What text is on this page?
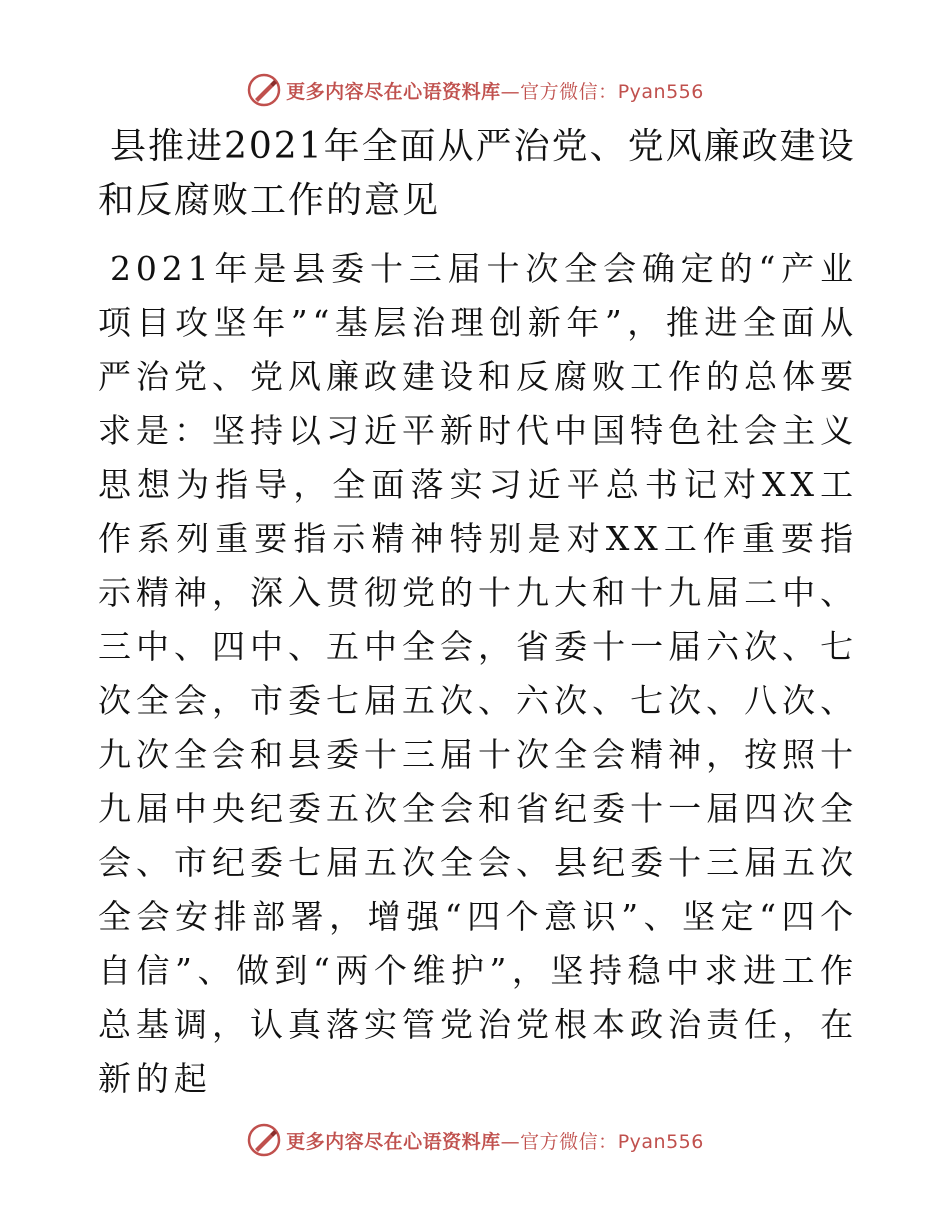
更多内容尽在心语资料库—官方微信：Pyan556
县推进2021年全面从严治党、党风廉政建设和反腐败工作的意见

2021年是县委十三届十次全会确定的“产业项目攻坚年”“基层治理创新年”，推进全面从严治党、党风廉政建设和反腐败工作的总体要求是：坚持以习近平新时代中国特色社会主义思想为指导，全面落实习近平总书记对XX工作系列重要指示精神特别是对XX工作重要指示精神，深入贯彻党的十九大和十九届二中、三中、四中、五中全会，省委十一届六次、七次全会，市委七届五次、六次、七次、八次、九次全会和县委十三届十次全会精神，按照十九届中央纪委五次全会和省纪委十一届四次全会、市纪委七届五次全会、县纪委十三届五次全会安排部署，增强“四个意识”、坚定“四个自信”、做到“两个维护”，坚持稳中求进工作总基调，认真落实管党治党根本政治责任，在新的起

更多内容尽在心语资料库—官方微信：Pyan556
